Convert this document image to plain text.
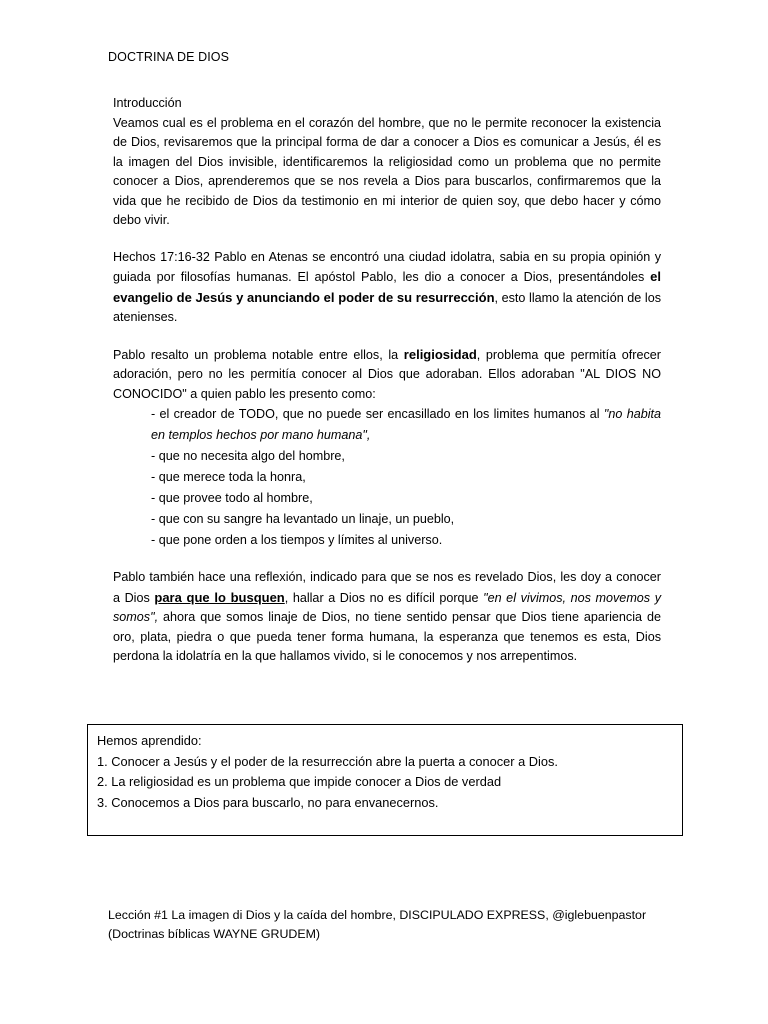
DOCTRINA DE DIOS
Introducción
Veamos cual es el problema en el corazón del hombre, que no le permite reconocer la existencia de Dios, revisaremos que la principal forma de dar a conocer a Dios es comunicar a Jesús, él es la imagen del Dios invisible, identificaremos la religiosidad como un problema que no permite conocer a Dios, aprenderemos que se nos revela a Dios para buscarlos, confirmaremos que la vida que he recibido de Dios da testimonio en mi interior de quien soy, que debo hacer y cómo debo vivir.
Hechos 17:16-32 Pablo en Atenas se encontró una ciudad idolatra, sabia en su propia opinión y guiada por filosofías humanas. El apóstol Pablo, les dio a conocer a Dios, presentándoles el evangelio de Jesús y anunciando el poder de su resurrección, esto llamo la atención de los atenienses.
Pablo resalto un problema notable entre ellos, la religiosidad, problema que permitía ofrecer adoración, pero no les permitía conocer al Dios que adoraban. Ellos adoraban "AL DIOS NO CONOCIDO" a quien pablo les presento como:
- el creador de TODO, que no puede ser encasillado en los limites humanos al "no habita en templos hechos por mano humana",
- que no necesita algo del hombre,
- que merece toda la honra,
- que provee todo al hombre,
- que con su sangre ha levantado un linaje, un pueblo,
- que pone orden a los tiempos y límites al universo.
Pablo también hace una reflexión, indicado para que se nos es revelado Dios, les doy a conocer a Dios para que lo busquen, hallar a Dios no es difícil porque "en el vivimos, nos movemos y somos", ahora que somos linaje de Dios, no tiene sentido pensar que Dios tiene apariencia de oro, plata, piedra o que pueda tener forma humana, la esperanza que tenemos es esta, Dios perdona la idolatría en la que hallamos vivido, si le conocemos y nos arrepentimos.
Hemos aprendido:
1. Conocer a Jesús y el poder de la resurrección abre la puerta a conocer a Dios.
2. La religiosidad es un problema que impide conocer a Dios de verdad
3. Conocemos a Dios para buscarlo, no para envanecernos.
Lección #1 La imagen di Dios y la caída del hombre, DISCIPULADO EXPRESS, @iglebuenpastor
(Doctrinas bíblicas WAYNE GRUDEM)
